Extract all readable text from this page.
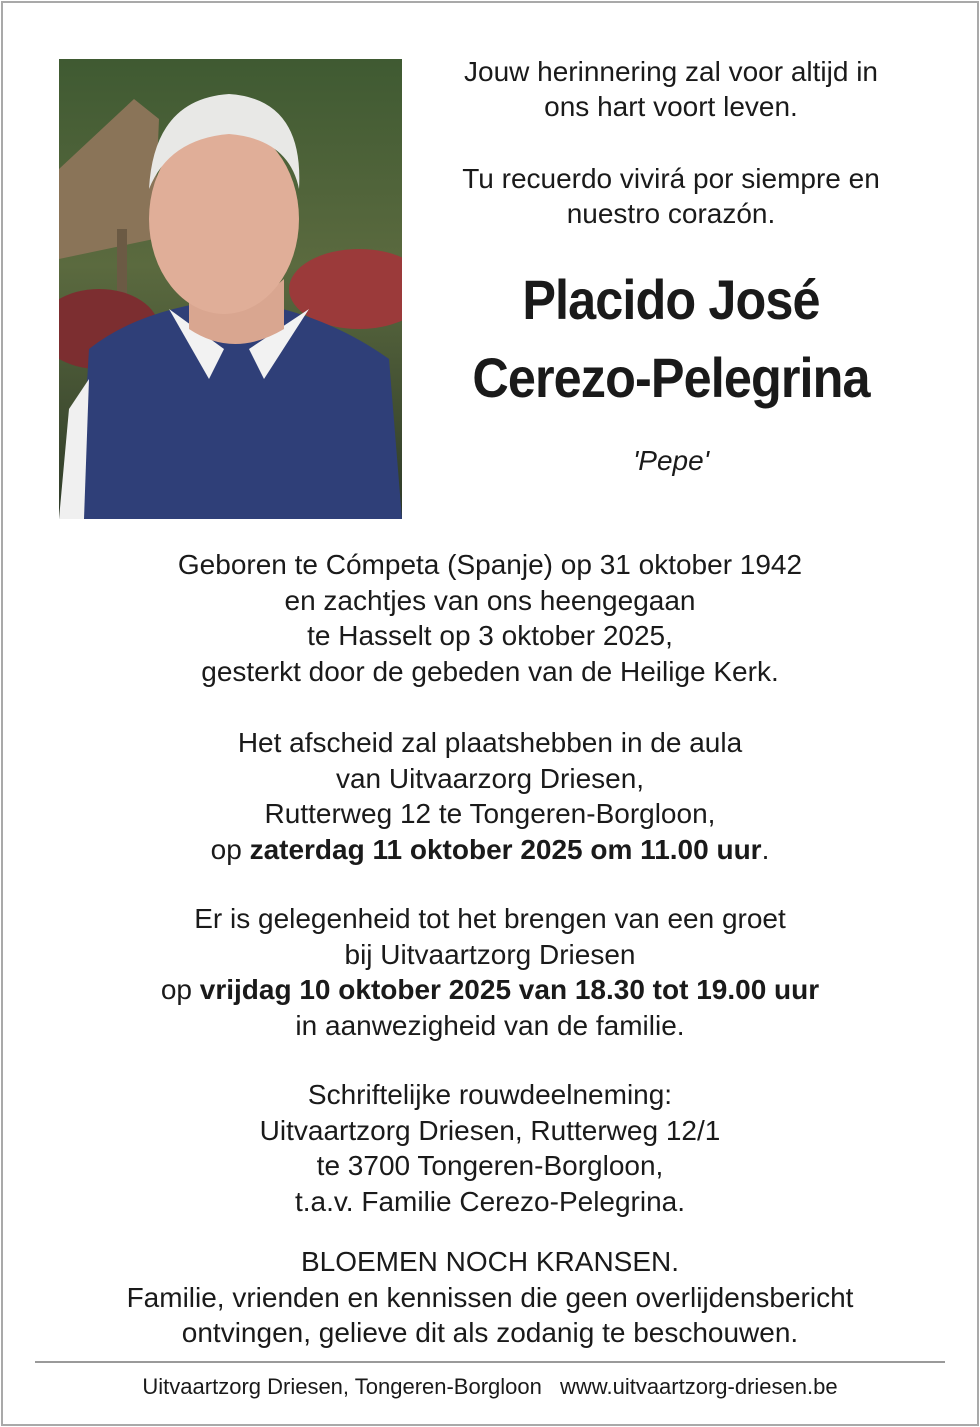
Jouw herinnering zal voor altijd in
ons hart voort leven.
Tu recuerdo vivirá por siempre en
nuestro corazón.
Placido José
Cerezo-Pelegrina
'Pepe'
Geboren te Cómpeta (Spanje) op 31 oktober 1942
en zachtjes van ons heengegaan
te Hasselt op 3 oktober 2025,
gesterkt door de gebeden van de Heilige Kerk.
Het afscheid zal plaatshebben in de aula
van Uitvaarzorg Driesen,
Rutterweg 12 te Tongeren-Borgloon,
op zaterdag 11 oktober 2025 om 11.00 uur.
Er is gelegenheid tot het brengen van een groet
bij Uitvaartzorg Driesen
op vrijdag 10 oktober 2025 van 18.30 tot 19.00 uur
in aanwezigheid van de familie.
Schriftelijke rouwdeelneming:
Uitvaartzorg Driesen, Rutterweg 12/1
te 3700 Tongeren-Borgloon,
t.a.v. Familie Cerezo-Pelegrina.
BLOEMEN NOCH KRANSEN.
Familie, vrienden en kennissen die geen overlijdensbericht
ontvingen, gelieve dit als zodanig te beschouwen.
Uitvaartzorg Driesen, Tongeren-Borgloon www.uitvaartzorg-driesen.be
